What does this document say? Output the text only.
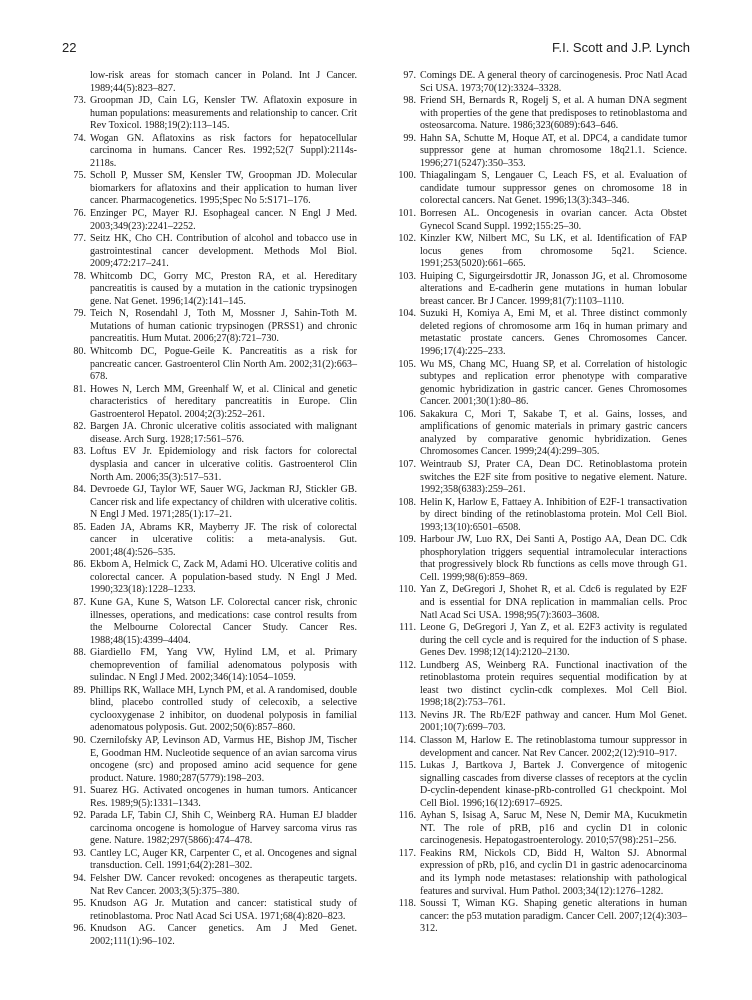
22	F.I. Scott and J.P. Lynch

low-risk areas for stomach cancer in Poland. Int J Cancer. 1989;44(5):823–827.

73. Groopman JD, Cain LG, Kensler TW. Aflatoxin exposure in human populations: measurements and relationship to cancer. Crit Rev Toxicol. 1988;19(2):113–145.

74. Wogan GN. Aflatoxins as risk factors for hepatocellular carcinoma in humans. Cancer Res. 1992;52(7 Suppl):2114s-2118s.

75. Scholl P, Musser SM, Kensler TW, Groopman JD. Molecular biomarkers for aflatoxins and their application to human liver cancer. Pharmacogenetics. 1995;Spec No 5:S171–176.

76. Enzinger PC, Mayer RJ. Esophageal cancer. N Engl J Med. 2003;349(23):2241–2252.

77. Seitz HK, Cho CH. Contribution of alcohol and tobacco use in gastrointestinal cancer development. Methods Mol Biol. 2009;472:217–241.

78. Whitcomb DC, Gorry MC, Preston RA, et al. Hereditary pancreatitis is caused by a mutation in the cationic trypsinogen gene. Nat Genet. 1996;14(2):141–145.

79. Teich N, Rosendahl J, Toth M, Mossner J, Sahin-Toth M. Mutations of human cationic trypsinogen (PRSS1) and chronic pancreatitis. Hum Mutat. 2006;27(8):721–730.

80. Whitcomb DC, Pogue-Geile K. Pancreatitis as a risk for pancreatic cancer. Gastroenterol Clin North Am. 2002;31(2):663–678.

81. Howes N, Lerch MM, Greenhalf W, et al. Clinical and genetic characteristics of hereditary pancreatitis in Europe. Clin Gastroenterol Hepatol. 2004;2(3):252–261.

82. Bargen JA. Chronic ulcerative colitis associated with malignant disease. Arch Surg. 1928;17:561–576.

83. Loftus EV Jr. Epidemiology and risk factors for colorectal dysplasia and cancer in ulcerative colitis. Gastroenterol Clin North Am. 2006;35(3):517–531.

84. Devroede GJ, Taylor WF, Sauer WG, Jackman RJ, Stickler GB. Cancer risk and life expectancy of children with ulcerative colitis. N Engl J Med. 1971;285(1):17–21.

85. Eaden JA, Abrams KR, Mayberry JF. The risk of colorectal cancer in ulcerative colitis: a meta-analysis. Gut. 2001;48(4):526–535.

86. Ekbom A, Helmick C, Zack M, Adami HO. Ulcerative colitis and colorectal cancer. A population-based study. N Engl J Med. 1990;323(18):1228–1233.

87. Kune GA, Kune S, Watson LF. Colorectal cancer risk, chronic illnesses, operations, and medications: case control results from the Melbourne Colorectal Cancer Study. Cancer Res. 1988;48(15):4399–4404.

88. Giardiello FM, Yang VW, Hylind LM, et al. Primary chemoprevention of familial adenomatous polyposis with sulindac. N Engl J Med. 2002;346(14):1054–1059.

89. Phillips RK, Wallace MH, Lynch PM, et al. A randomised, double blind, placebo controlled study of celecoxib, a selective cyclooxygenase 2 inhibitor, on duodenal polyposis in familial adenomatous polyposis. Gut. 2002;50(6):857–860.

90. Czernilofsky AP, Levinson AD, Varmus HE, Bishop JM, Tischer E, Goodman HM. Nucleotide sequence of an avian sarcoma virus oncogene (src) and proposed amino acid sequence for gene product. Nature. 1980;287(5779):198–203.

91. Suarez HG. Activated oncogenes in human tumors. Anticancer Res. 1989;9(5):1331–1343.

92. Parada LF, Tabin CJ, Shih C, Weinberg RA. Human EJ bladder carcinoma oncogene is homologue of Harvey sarcoma virus ras gene. Nature. 1982;297(5866):474–478.

93. Cantley LC, Auger KR, Carpenter C, et al. Oncogenes and signal transduction. Cell. 1991;64(2):281–302.

94. Felsher DW. Cancer revoked: oncogenes as therapeutic targets. Nat Rev Cancer. 2003;3(5):375–380.

95. Knudson AG Jr. Mutation and cancer: statistical study of retinoblastoma. Proc Natl Acad Sci USA. 1971;68(4):820–823.

96. Knudson AG. Cancer genetics. Am J Med Genet. 2002;111(1):96–102.

97. Comings DE. A general theory of carcinogenesis. Proc Natl Acad Sci USA. 1973;70(12):3324–3328.

98. Friend SH, Bernards R, Rogelj S, et al. A human DNA segment with properties of the gene that predisposes to retinoblastoma and osteosarcoma. Nature. 1986;323(6089):643–646.

99. Hahn SA, Schutte M, Hoque AT, et al. DPC4, a candidate tumor suppressor gene at human chromosome 18q21.1. Science. 1996;271(5247):350–353.

100. Thiagalingam S, Lengauer C, Leach FS, et al. Evaluation of candidate tumour suppressor genes on chromosome 18 in colorectal cancers. Nat Genet. 1996;13(3):343–346.

101. Borresen AL. Oncogenesis in ovarian cancer. Acta Obstet Gynecol Scand Suppl. 1992;155:25–30.

102. Kinzler KW, Nilbert MC, Su LK, et al. Identification of FAP locus genes from chromosome 5q21. Science. 1991;253(5020):661–665.

103. Huiping C, Sigurgeirsdottir JR, Jonasson JG, et al. Chromosome alterations and E-cadherin gene mutations in human lobular breast cancer. Br J Cancer. 1999;81(7):1103–1110.

104. Suzuki H, Komiya A, Emi M, et al. Three distinct commonly deleted regions of chromosome arm 16q in human primary and metastatic prostate cancers. Genes Chromosomes Cancer. 1996;17(4):225–233.

105. Wu MS, Chang MC, Huang SP, et al. Correlation of histologic subtypes and replication error phenotype with comparative genomic hybridization in gastric cancer. Genes Chromosomes Cancer. 2001;30(1):80–86.

106. Sakakura C, Mori T, Sakabe T, et al. Gains, losses, and amplifications of genomic materials in primary gastric cancers analyzed by comparative genomic hybridization. Genes Chromosomes Cancer. 1999;24(4):299–305.

107. Weintraub SJ, Prater CA, Dean DC. Retinoblastoma protein switches the E2F site from positive to negative element. Nature. 1992;358(6383):259–261.

108. Helin K, Harlow E, Fattaey A. Inhibition of E2F-1 transactivation by direct binding of the retinoblastoma protein. Mol Cell Biol. 1993;13(10):6501–6508.

109. Harbour JW, Luo RX, Dei Santi A, Postigo AA, Dean DC. Cdk phosphorylation triggers sequential intramolecular interactions that progressively block Rb functions as cells move through G1. Cell. 1999;98(6):859–869.

110. Yan Z, DeGregori J, Shohet R, et al. Cdc6 is regulated by E2F and is essential for DNA replication in mammalian cells. Proc Natl Acad Sci USA. 1998;95(7):3603–3608.

111. Leone G, DeGregori J, Yan Z, et al. E2F3 activity is regulated during the cell cycle and is required for the induction of S phase. Genes Dev. 1998;12(14):2120–2130.

112. Lundberg AS, Weinberg RA. Functional inactivation of the retinoblastoma protein requires sequential modification by at least two distinct cyclin-cdk complexes. Mol Cell Biol. 1998;18(2):753–761.

113. Nevins JR. The Rb/E2F pathway and cancer. Hum Mol Genet. 2001;10(7):699–703.

114. Classon M, Harlow E. The retinoblastoma tumour suppressor in development and cancer. Nat Rev Cancer. 2002;2(12):910–917.

115. Lukas J, Bartkova J, Bartek J. Convergence of mitogenic signalling cascades from diverse classes of receptors at the cyclin D-cyclin-dependent kinase-pRb-controlled G1 checkpoint. Mol Cell Biol. 1996;16(12):6917–6925.

116. Ayhan S, Isisag A, Saruc M, Nese N, Demir MA, Kucukmetin NT. The role of pRB, p16 and cyclin D1 in colonic carcinogenesis. Hepatogastroenterology. 2010;57(98):251–256.

117. Feakins RM, Nickols CD, Bidd H, Walton SJ. Abnormal expression of pRb, p16, and cyclin D1 in gastric adenocarcinoma and its lymph node metastases: relationship with pathological features and survival. Hum Pathol. 2003;34(12):1276–1282.

118. Soussi T, Wiman KG. Shaping genetic alterations in human cancer: the p53 mutation paradigm. Cancer Cell. 2007;12(4):303–312.
